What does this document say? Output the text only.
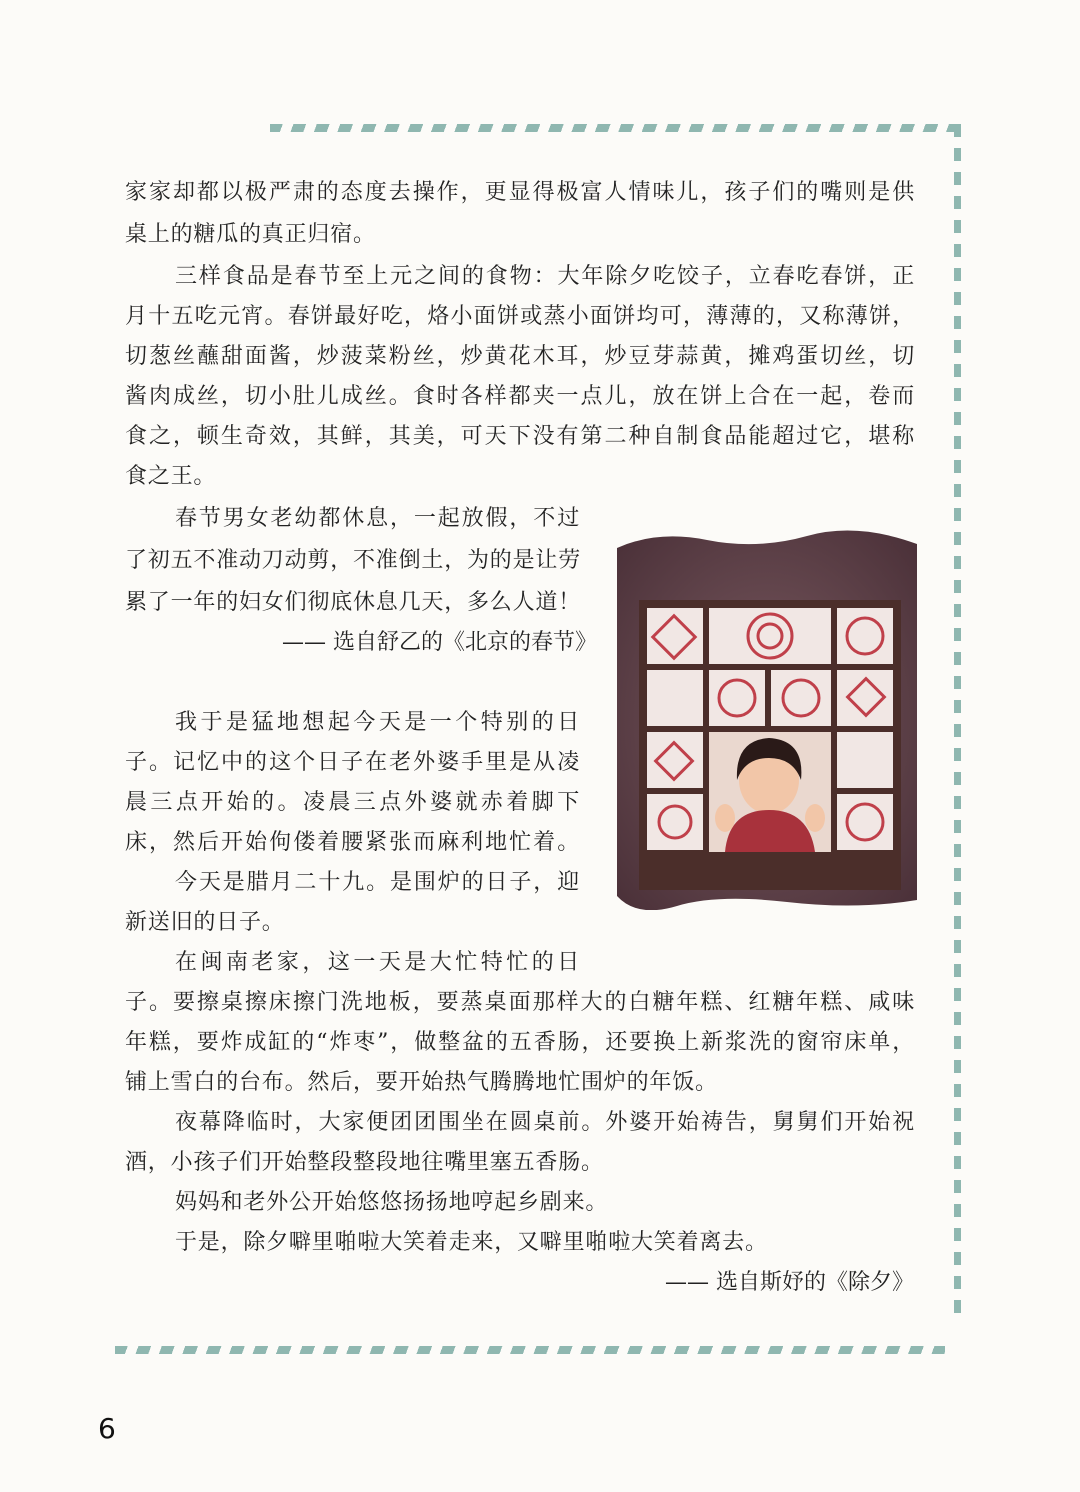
家家却都以极严肃的态度去操作，更显得极富人情味儿，孩子们的嘴则是供

桌上的糖瓜的真正归宿。

三样食品是春节至上元之间的食物：大年除夕吃饺子，立春吃春饼，正

月十五吃元宵。春饼最好吃，烙小面饼或蒸小面饼均可，薄薄的，又称薄饼，

切葱丝蘸甜面酱，炒菠菜粉丝，炒黄花木耳，炒豆芽蒜黄，摊鸡蛋切丝，切

酱肉成丝，切小肚儿成丝。食时各样都夹一点儿，放在饼上合在一起，卷而

食之，顿生奇效，其鲜，其美，可天下没有第二种自制食品能超过它，堪称

食之王。

春节男女老幼都休息，一起放假，不过

了初五不准动刀动剪，不准倒土，为的是让劳

累了一年的妇女们彻底休息几天，多么人道！

—— 选自舒乙的《北京的春节》

我于是猛地想起今天是一个特别的日

子。记忆中的这个日子在老外婆手里是从凌

晨三点开始的。凌晨三点外婆就赤着脚下

床，然后开始佝偻着腰紧张而麻利地忙着。

今天是腊月二十九。是围炉的日子，迎

新送旧的日子。

在闽南老家，这一天是大忙特忙的日

子。要擦桌擦床擦门洗地板，要蒸桌面那样大的白糖年糕、红糖年糕、咸味

年糕，要炸成缸的“炸枣”，做整盆的五香肠，还要换上新浆洗的窗帘床单，

铺上雪白的台布。然后，要开始热气腾腾地忙围炉的年饭。

夜幕降临时，大家便团团围坐在圆桌前。外婆开始祷告，舅舅们开始祝

酒，小孩子们开始整段整段地往嘴里塞五香肠。

妈妈和老外公开始悠悠扬扬地哼起乡剧来。

于是，除夕噼里啪啦大笑着走来，又噼里啪啦大笑着离去。

—— 选自斯妤的《除夕》
6
